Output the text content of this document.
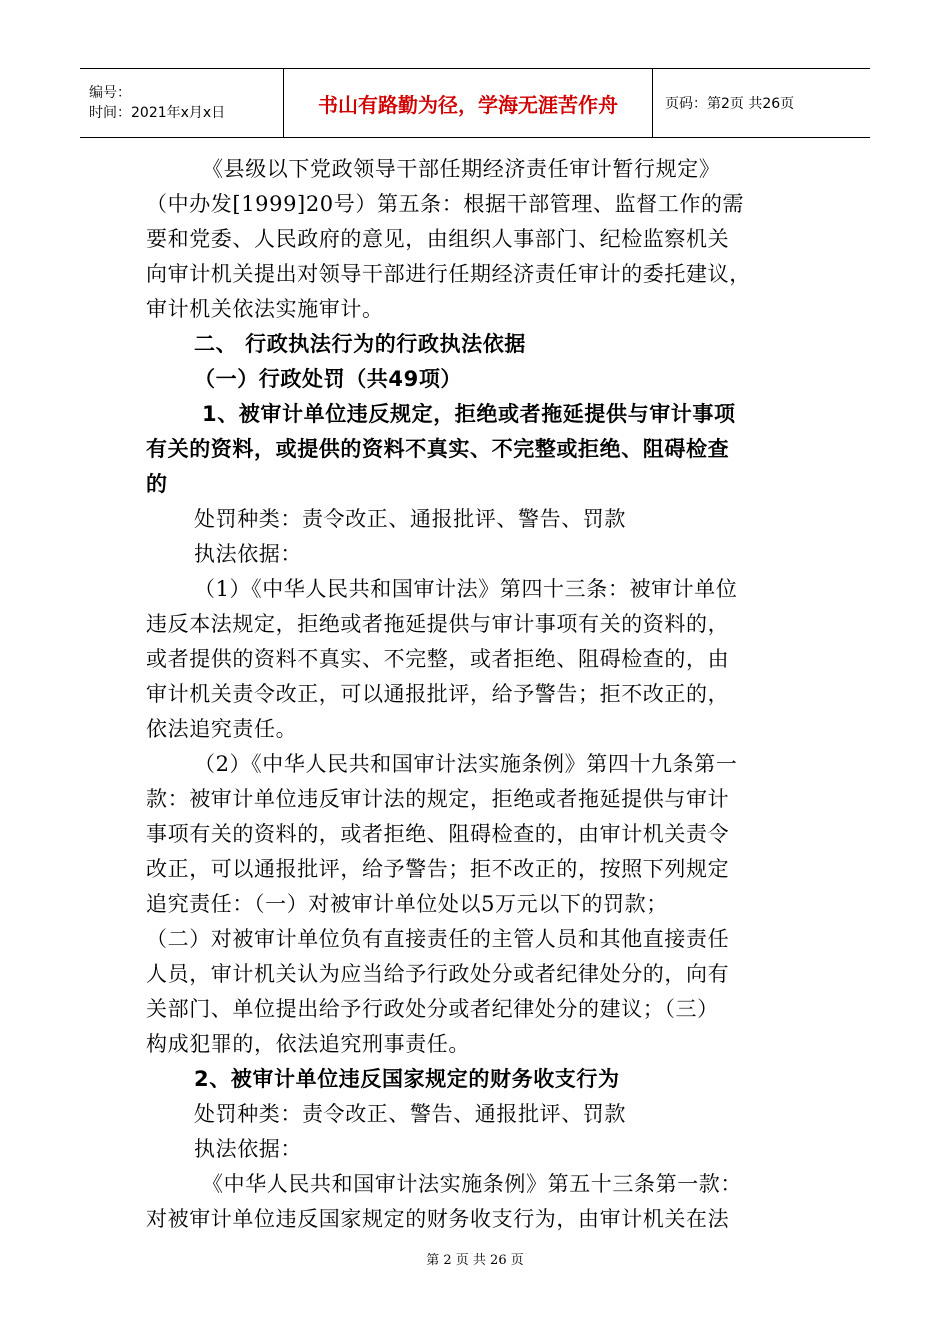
编号：
时间：2021年x月x日	书山有路勤为径，学海无涯苦作舟	页码：第2页 共26页

《县级以下党政领导干部任期经济责任审计暂行规定》

（中办发[1999]20号）第五条：根据干部管理、监督工作的需

要和党委、人民政府的意见，由组织人事部门、纪检监察机关

向审计机关提出对领导干部进行任期经济责任审计的委托建议，

审计机关依法实施审计。

二、 行政执法行为的行政执法依据

（一）行政处罚（共49项）

1、被审计单位违反规定，拒绝或者拖延提供与审计事项

有关的资料，或提供的资料不真实、不完整或拒绝、阻碍检查

的

处罚种类：责令改正、通报批评、警告、罚款

执法依据：

（1）《中华人民共和国审计法》第四十三条：被审计单位

违反本法规定，拒绝或者拖延提供与审计事项有关的资料的，

或者提供的资料不真实、不完整，或者拒绝、阻碍检查的，由

审计机关责令改正，可以通报批评，给予警告；拒不改正的，

依法追究责任。

（2）《中华人民共和国审计法实施条例》第四十九条第一

款：被审计单位违反审计法的规定，拒绝或者拖延提供与审计

事项有关的资料的，或者拒绝、阻碍检查的，由审计机关责令

改正，可以通报批评，给予警告；拒不改正的，按照下列规定

追究责任：（一）对被审计单位处以5万元以下的罚款；

（二）对被审计单位负有直接责任的主管人员和其他直接责任

人员，审计机关认为应当给予行政处分或者纪律处分的，向有

关部门、单位提出给予行政处分或者纪律处分的建议；（三）

构成犯罪的，依法追究刑事责任。

2、被审计单位违反国家规定的财务收支行为

处罚种类：责令改正、警告、通报批评、罚款

执法依据：

《中华人民共和国审计法实施条例》第五十三条第一款：

对被审计单位违反国家规定的财务收支行为，由审计机关在法

第 2 页 共 26 页
